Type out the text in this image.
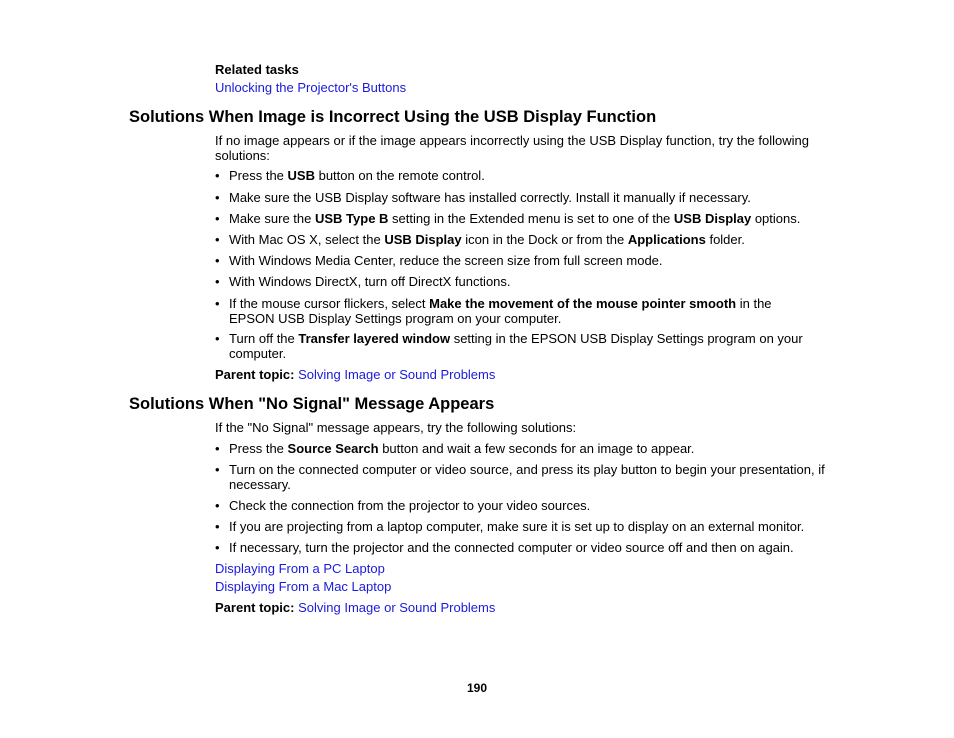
Related tasks
Unlocking the Projector's Buttons
Solutions When Image is Incorrect Using the USB Display Function
If no image appears or if the image appears incorrectly using the USB Display function, try the following solutions:
• Press the USB button on the remote control.
• Make sure the USB Display software has installed correctly. Install it manually if necessary.
• Make sure the USB Type B setting in the Extended menu is set to one of the USB Display options.
• With Mac OS X, select the USB Display icon in the Dock or from the Applications folder.
• With Windows Media Center, reduce the screen size from full screen mode.
• With Windows DirectX, turn off DirectX functions.
• If the mouse cursor flickers, select Make the movement of the mouse pointer smooth in the EPSON USB Display Settings program on your computer.
• Turn off the Transfer layered window setting in the EPSON USB Display Settings program on your computer.
Parent topic: Solving Image or Sound Problems
Solutions When "No Signal" Message Appears
If the "No Signal" message appears, try the following solutions:
• Press the Source Search button and wait a few seconds for an image to appear.
• Turn on the connected computer or video source, and press its play button to begin your presentation, if necessary.
• Check the connection from the projector to your video sources.
• If you are projecting from a laptop computer, make sure it is set up to display on an external monitor.
• If necessary, turn the projector and the connected computer or video source off and then on again.
Displaying From a PC Laptop
Displaying From a Mac Laptop
Parent topic: Solving Image or Sound Problems
190
